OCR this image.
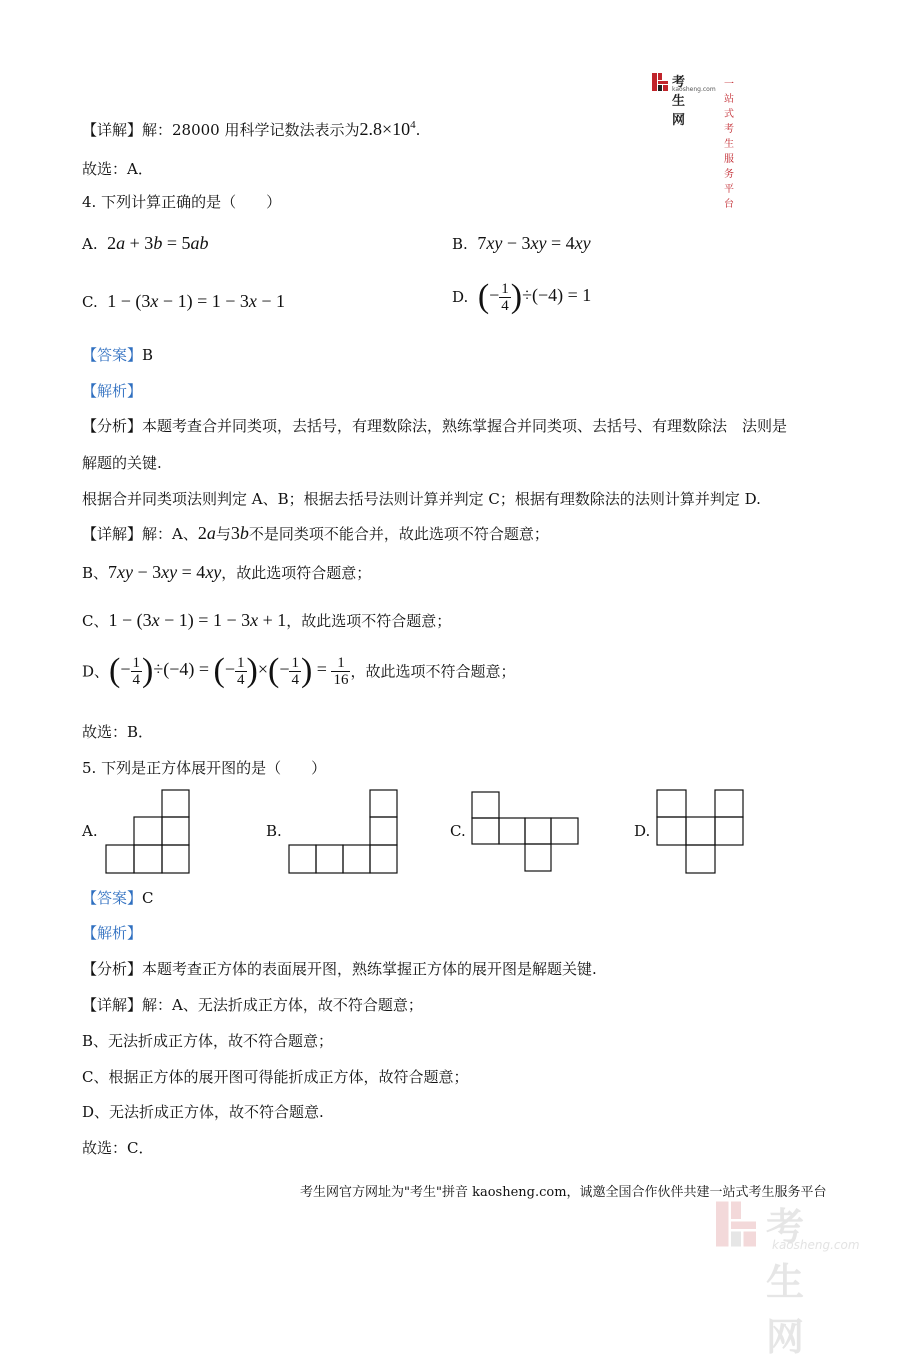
考生网
kaosheng.com 一站式考生服务平台
【详解】解：28000 用科学记数法表示为$2.8\times 10^4$.
故选：A．
4. 下列计算正确的是（　　）
A. 2a + 3b = 5ab	B. 7xy − 3xy = 4xy
C. 1 − (3x − 1) = 1 − 3x − 1	D. (− $\frac{1}{4} )\div(-4) = 1$
【答案】B
【解析】
【分析】本题考查合并同类项，去括号，有理数除法，熟练掌握合并同类项、去括号、有理数除法　法则是
解题的关键.
根据合并同类项法则判定 A、B；根据去括号法则计算并判定 C；根据有理数除法的法则计算并判定 D.
【详解】解：A、2a与3b不是同类项不能合并，故此选项不符合题意；
B、7xy − 3xy = 4xy，故此选项符合题意；
C、1 − (3x − 1) = 1 − 3x + 1，故此选项不符合题意；
D、(− $\frac{1}{4} )\div(-4)$ = (− $\frac{1}{4}$ )×(− $\frac{1}{4}$ ) = $\frac{1}{16}$ ，故此选项不符合题意；
故选：B．
5. 下列是正方体展开图的是（　　）
A.	B.	C.	D.
【答案】C
【解析】
【分析】本题考查正方体的表面展开图，熟练掌握正方体的展开图是解题关键.
【详解】解：A、无法折成正方体，故不符合题意；
B、无法折成正方体，故不符合题意；
C、根据正方体的展开图可得能折成正方体，故符合题意；
D、无法折成正方体，故不符合题意.
故选：C．
考生网官方网址为"考生"拼音 kaosheng.com，诚邀全国合作伙伴共建一站式考生服务平台
考生网
kaosheng.com
